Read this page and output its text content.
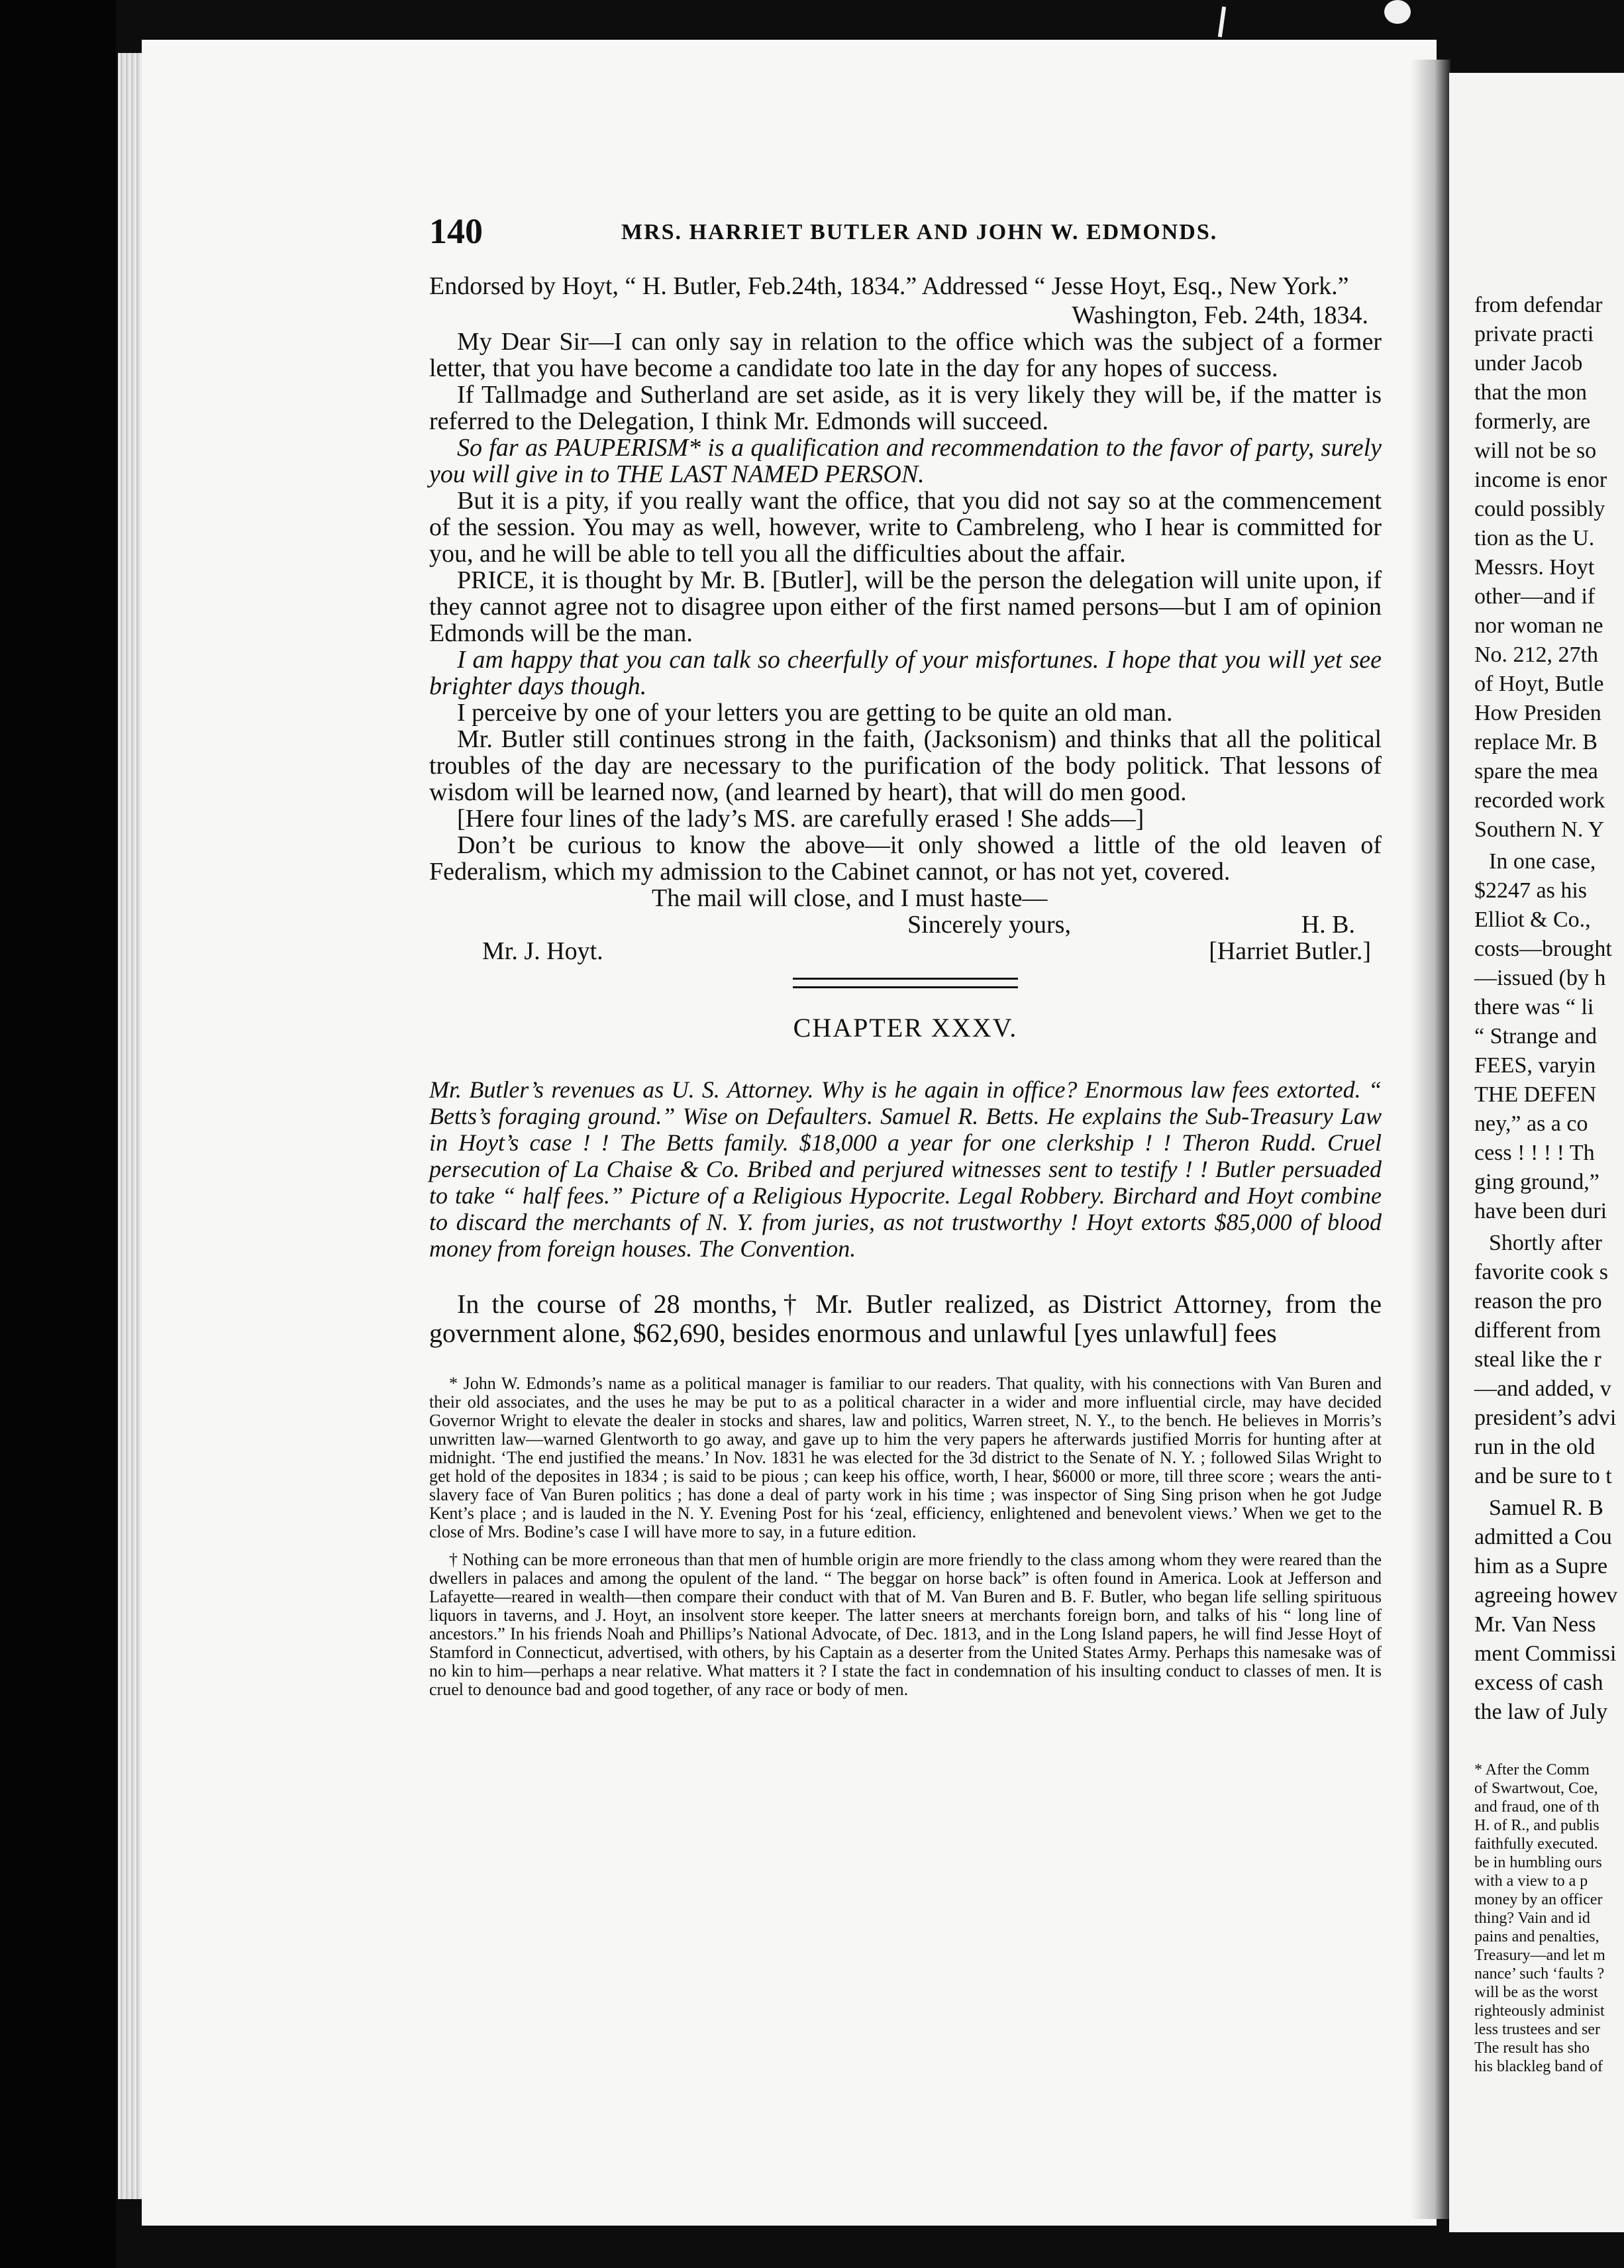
from defendar
private practi
under Jacob
that the mon
formerly, are
will not be so
income is enor
could possibly
tion as the U.
Messrs. Hoyt
other—and if
nor woman ne
No. 212, 27th
of Hoyt, Butle
How Presiden
replace Mr. B
spare the mea
recorded work
Southern N. Y
In one case,
$2247 as his
Elliot & Co.,
costs—brought
—issued (by h
there was “ li
“ Strange and
FEES, varyin
THE DEFEN
ney,” as a co
cess ! ! ! ! Th
ging ground,”
have been duri
Shortly after
favorite cook s
reason the pro
different from
steal like the r
—and added, v
president’s advi
run in the old
and be sure to t
Samuel R. B
admitted a Cou
him as a Supre
agreeing howev
Mr. Van Ness
ment Commissi
excess of cash
the law of July
* After the Comm
of Swartwout, Coe,
and fraud, one of th
H. of R., and publis
faithfully executed.
be in humbling ours
with a view to a p
money by an officer
thing? Vain and id
pains and penalties,
Treasury—and let m
nance’ such ‘faults ?
will be as the worst
righteously administ
less trustees and ser
The result has sho
his blackleg band of
140	MRS. HARRIET BUTLER AND JOHN W. EDMONDS.

Endorsed by Hoyt, “ H. Butler, Feb.24th, 1834.” Addressed “ Jesse Hoyt, Esq., New York.”

Washington, Feb. 24th, 1834.

My Dear Sir—I can only say in relation to the office which was the subject of a former letter, that you have become a candidate too late in the day for any hopes of success.

If Tallmadge and Sutherland are set aside, as it is very likely they will be, if the matter is referred to the Delegation, I think Mr. Edmonds will succeed.

So far as PAUPERISM* is a qualification and recommendation to the favor of party, surely you will give in to THE LAST NAMED PERSON.

But it is a pity, if you really want the office, that you did not say so at the commencement of the session. You may as well, however, write to Cambreleng, who I hear is committed for you, and he will be able to tell you all the difficulties about the affair.

PRICE, it is thought by Mr. B. [Butler], will be the person the delegation will unite upon, if they cannot agree not to disagree upon either of the first named persons—but I am of opinion Edmonds will be the man.

I am happy that you can talk so cheerfully of your misfortunes. I hope that you will yet see brighter days though.

I perceive by one of your letters you are getting to be quite an old man.

Mr. Butler still continues strong in the faith, (Jacksonism) and thinks that all the political troubles of the day are necessary to the purification of the body politick. That lessons of wisdom will be learned now, (and learned by heart), that will do men good.

[Here four lines of the lady’s MS. are carefully erased ! She adds—]

Don’t be curious to know the above—it only showed a little of the old leaven of Federalism, which my admission to the Cabinet cannot, or has not yet, covered.

The mail will close, and I must haste—
Sincerely yours,	H. B.
Mr. J. Hoyt.	[Harriet Butler.]
CHAPTER XXXV.

Mr. Butler’s revenues as U. S. Attorney. Why is he again in office? Enormous law fees extorted. “ Betts’s foraging ground.” Wise on Defaulters. Samuel R. Betts. He explains the Sub-Treasury Law in Hoyt’s case ! ! The Betts family. $18,000 a year for one clerkship ! ! Theron Rudd. Cruel persecution of La Chaise & Co. Bribed and perjured witnesses sent to testify ! ! Butler persuaded to take “ half fees.” Picture of a Religious Hypocrite. Legal Robbery. Birchard and Hoyt combine to discard the merchants of N. Y. from juries, as not trustworthy ! Hoyt extorts $85,000 of blood money from foreign houses. The Convention.

In the course of 28 months,† Mr. Butler realized, as District Attorney, from the government alone, $62,690, besides enormous and unlawful [yes unlawful] fees

* John W. Edmonds’s name as a political manager is familiar to our readers. That quality, with his connections with Van Buren and their old associates, and the uses he may be put to as a political character in a wider and more influential circle, may have decided Governor Wright to elevate the dealer in stocks and shares, law and politics, Warren street, N. Y., to the bench. He believes in Morris’s unwritten law—warned Glentworth to go away, and gave up to him the very papers he afterwards justified Morris for hunting after at midnight. ‘The end justified the means.’ In Nov. 1831 he was elected for the 3d district to the Senate of N. Y. ; followed Silas Wright to get hold of the deposites in 1834 ; is said to be pious ; can keep his office, worth, I hear, $6000 or more, till three score ; wears the anti-slavery face of Van Buren politics ; has done a deal of party work in his time ; was inspector of Sing Sing prison when he got Judge Kent’s place ; and is lauded in the N. Y. Evening Post for his ‘zeal, efficiency, enlightened and benevolent views.’ When we get to the close of Mrs. Bodine’s case I will have more to say, in a future edition.

† Nothing can be more erroneous than that men of humble origin are more friendly to the class among whom they were reared than the dwellers in palaces and among the opulent of the land. “ The beggar on horse back” is often found in America. Look at Jefferson and Lafayette—reared in wealth—then compare their conduct with that of M. Van Buren and B. F. Butler, who began life selling spirituous liquors in taverns, and J. Hoyt, an insolvent store keeper. The latter sneers at merchants foreign born, and talks of his “ long line of ancestors.” In his friends Noah and Phillips’s National Advocate, of Dec. 1813, and in the Long Island papers, he will find Jesse Hoyt of Stamford in Connecticut, advertised, with others, by his Captain as a deserter from the United States Army. Perhaps this namesake was of no kin to him—perhaps a near relative. What matters it ? I state the fact in condemnation of his insulting conduct to classes of men. It is cruel to denounce bad and good together, of any race or body of men.
